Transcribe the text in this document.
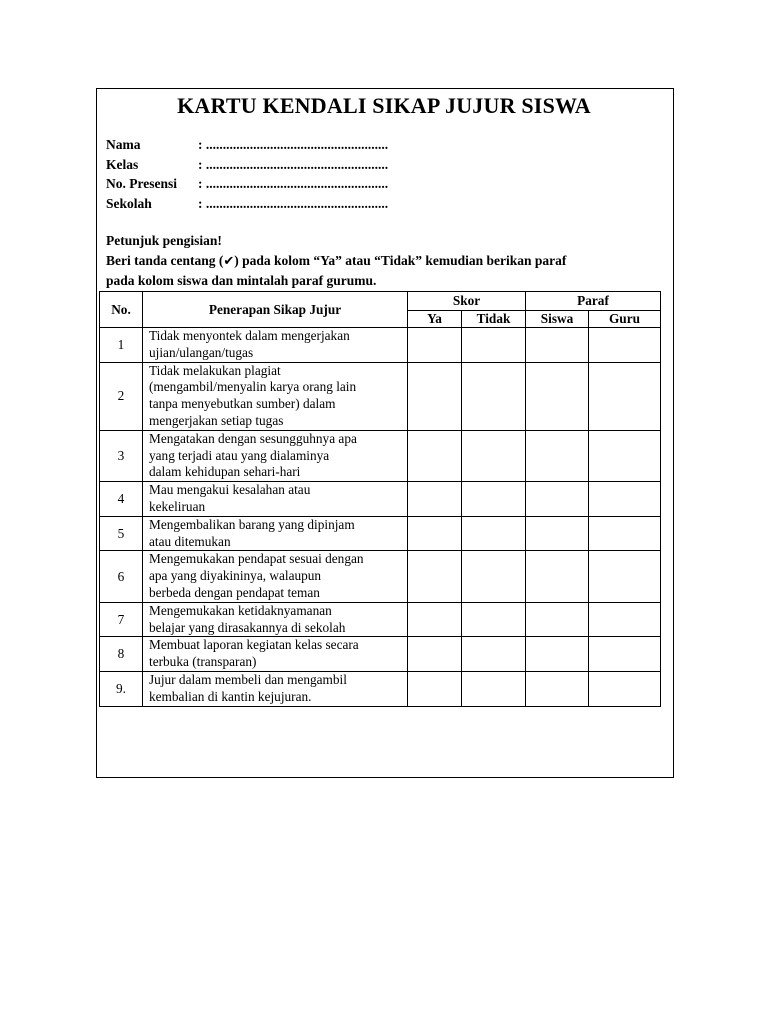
KARTU KENDALI SIKAP JUJUR SISWA
Nama	: ......................................................
Kelas	: ......................................................
No. Presensi	: ......................................................
Sekolah	: ......................................................
Petunjuk pengisian!
Beri tanda centang (✔) pada kolom “Ya” atau “Tidak” kemudian berikan paraf
pada kolom siswa dan mintalah paraf gurumu.
No.	Penerapan Sikap Jujur	Skor		Paraf	
		Ya	Tidak	Siswa	Guru
1	Tidak menyontek dalam mengerjakan
ujian/ulangan/tugas				

2	Tidak melakukan plagiat
(mengambil/menyalin karya orang lain
tanpa menyebutkan sumber) dalam
mengerjakan setiap tugas				

3	Mengatakan dengan sesungguhnya apa
yang terjadi atau yang dialaminya
dalam kehidupan sehari-hari				

4	Mau mengakui kesalahan atau
kekeliruan				

5	Mengembalikan barang yang dipinjam
atau ditemukan				

6	Mengemukakan pendapat sesuai dengan
apa yang diyakininya, walaupun
berbeda dengan pendapat teman				

7	Mengemukakan ketidaknyamanan
belajar yang dirasakannya di sekolah				

8	Membuat laporan kegiatan kelas secara
terbuka (transparan)				

9.	Jujur dalam membeli dan mengambil
kembalian di kantin kejujuran.				
